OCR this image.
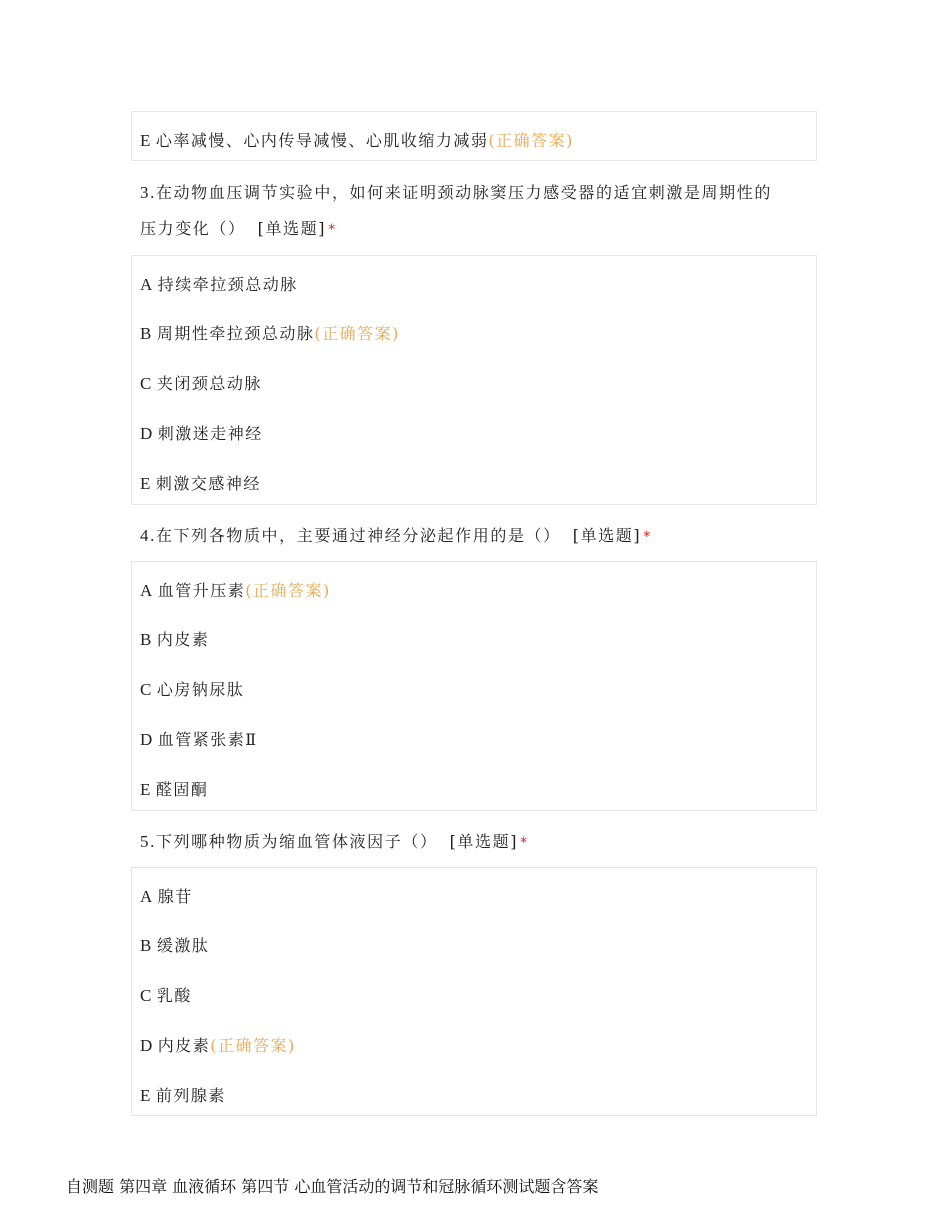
E 心率减慢、心内传导减慢、心肌收缩力减弱(正确答案)
3.在动物血压调节实验中，如何来证明颈动脉窦压力感受器的适宜刺激是周期性的
压力变化（） [单选题] *
A 持续牵拉颈总动脉
B 周期性牵拉颈总动脉(正确答案)
C 夹闭颈总动脉
D 刺激迷走神经
E 刺激交感神经
4.在下列各物质中，主要通过神经分泌起作用的是（） [单选题] *
A 血管升压素(正确答案)
B 内皮素
C 心房钠尿肽
D 血管紧张素Ⅱ
E 醛固酮
5.下列哪种物质为缩血管体液因子（） [单选题] *
A 腺苷
B 缓激肽
C 乳酸
D 内皮素(正确答案)
E 前列腺素
自测题 第四章 血液循环 第四节 心血管活动的调节和冠脉循环测试题含答案
